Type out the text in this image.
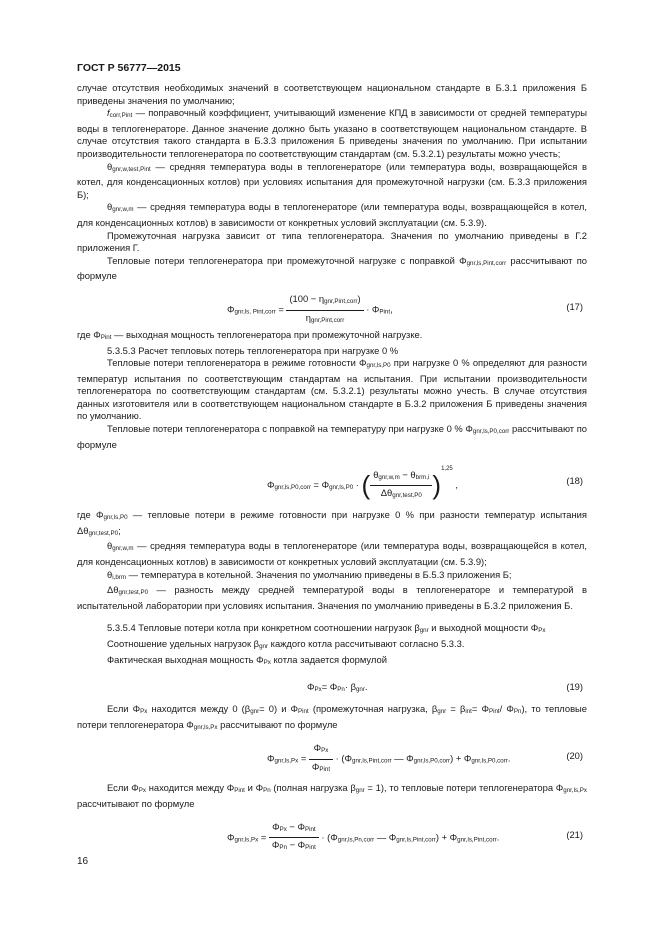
ГОСТ Р 56777—2015

случае отсутствия необходимых значений в соответствующем национальном стандарте в Б.3.1 приложения Б приведены значения по умолчанию;

fcorr,Pint — поправочный коэффициент, учитывающий изменение КПД в зависимости от средней температуры воды в теплогенераторе. Данное значение должно быть указано в соответствующем национальном стандарте. В случае отсутствия такого стандарта в Б.3.3 приложения Б приведены значения по умолчанию. При испытании производительности теплогенератора по соответствующим стандартам (см. 5.3.2.1) результаты можно учесть;

θgnr,w,test,Pint — средняя температура воды в теплогенераторе (или температура воды, возвращающейся в котел, для конденсационных котлов) при условиях испытания для промежуточной нагрузки (см. Б.3.3 приложения Б);

θgnr,w,m — средняя температура воды в теплогенераторе (или температура воды, возвращающейся в котел, для конденсационных котлов) в зависимости от конкретных условий эксплуатации (см. 5.3.9).

Промежуточная нагрузка зависит от типа теплогенератора. Значения по умолчанию приведены в Г.2 приложения Г.

Тепловые потери теплогенератора при промежуточной нагрузке с поправкой Φgnr,ls,Pint,corr рассчитывают по формуле

Φgnr,ls, Pint,corr = $\frac{\text{(100 − ηgnr,Pint,corr)}}{\text{ηgnr,Pint,corr}}$ · ΦPint,	(17)

где ΦPint — выходная мощность теплогенератора при промежуточной нагрузке.

5.3.5.3 Расчет тепловых потерь теплогенератора при нагрузке 0 %

Тепловые потери теплогенератора в режиме готовности Φgnr,ls,P0 при нагрузке 0 % определяют для разности температур испытания по соответствующим стандартам на испытания. При испытании производительности теплогенератора по соответствующим стандартам (см. 5.3.2.1) результаты можно учесть. В случае отсутствия данных изготовителя или в соответствующем национальном стандарте в Б.3.2 приложения Б приведены значения по умолчанию.

Тепловые потери теплогенератора с поправкой на температуру при нагрузке 0 % Φgnr,ls,P0,corr рассчитывают по формуле

Φgnr,ls,P0,corr = Φgnr,ls,P0 · ( $\frac{\text{θgnr,w,m − θbrm,i}}{\text{Δθgnr,test,P0}} )^{1,25}$ ,	(18)

где Φgnr,ls,P0 — тепловые потери в режиме готовности при нагрузке 0 % при разности температур испытания Δθgnr,test,P0;

θgnr,w,m — средняя температура воды в теплогенераторе (или температура воды, возвращающейся в котел, для конденсационных котлов) в зависимости от конкретных условий эксплуатации (см. 5.3.9);

θi,brm — температура в котельной. Значения по умолчанию приведены в Б.5.3 приложения Б;

Δθgnr,test,P0 — разность между средней температурой воды в теплогенераторе и температурой в испытательной лаборатории при условиях испытания. Значения по умолчанию приведены в Б.3.2 приложения Б.

5.3.5.4 Тепловые потери котла при конкретном соотношении нагрузок βgnr и выходной мощности ΦPx

Соотношение удельных нагрузок βgnr каждого котла рассчитывают согласно 5.3.3.

Фактическая выходная мощность ΦPx котла задается формулой

ΦPx= ΦPn· βgnr.	(19)

Если ΦPx находится между 0 (βgnr= 0) и ΦPint (промежуточная нагрузка, βgnr = βint= ΦPint/ ΦPn), то тепловые потери теплогенератора Φgnr,ls,Px рассчитывают по формуле

$\Phi gnr,ls,Px = \frac{\text{ΦPx}}{\text{ΦPint}}$ · (Φgnr,ls,Pint,corr — Φgnr,ls,P0,corr) + Φgnr,ls,P0,corr.	(20)

Если ΦPx находится между ΦPint и ΦPn (полная нагрузка βgnr = 1), то тепловые потери теплогенератора Φgnr,ls,Px рассчитывают по формуле

$\Phi gnr,ls,Px = \frac{\text{ΦPx − ΦPint}}{\text{ΦPn − ΦPint}}$ · (Φgnr,ls,Pn,corr — Φgnr,ls,Pint,corr) + Φgnr,ls,Pint,corr.	(21)
16
